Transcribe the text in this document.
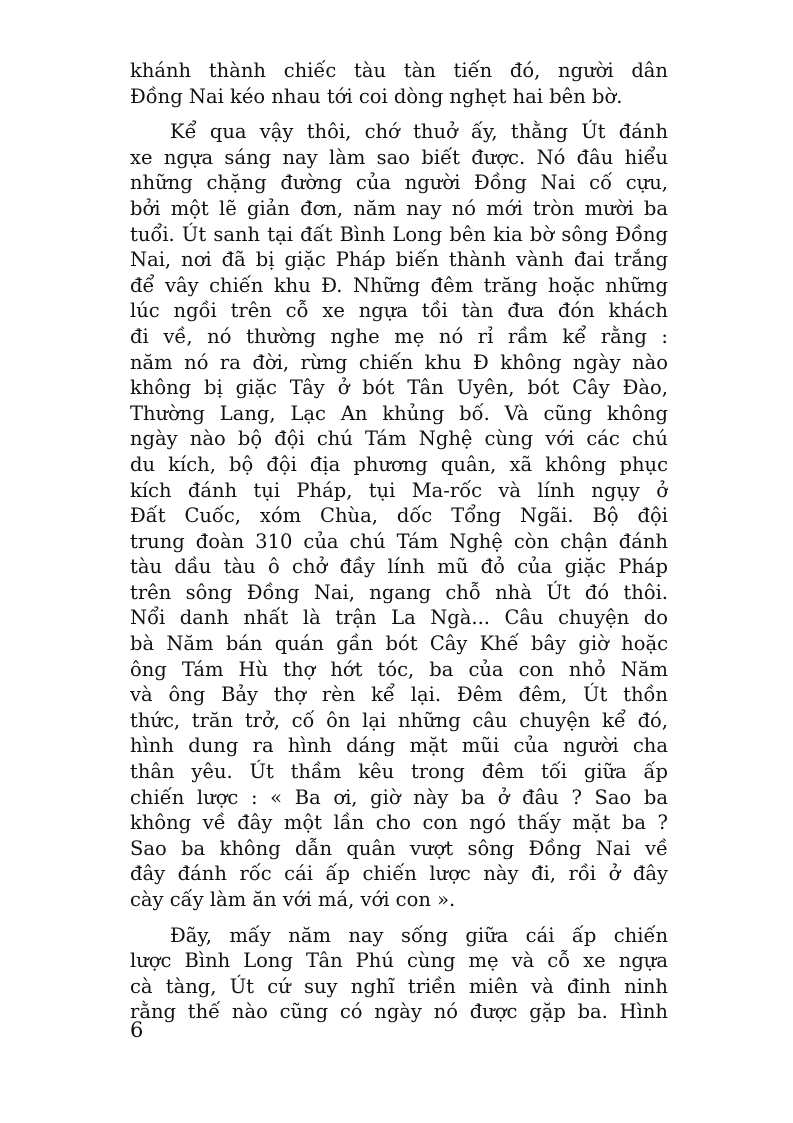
khánh thành chiếc tàu tàn tiến đó, người dân
Đồng Nai kéo nhau tới coi dòng nghẹt hai bên bờ.
Kể qua vậy thôi, chớ thuở ấy, thằng Út đánh
xe ngựa sáng nay làm sao biết được. Nó đâu hiểu
những chặng đường của người Đồng Nai cố cựu,
bởi một lẽ giản đơn, năm nay nó mới tròn mười ba
tuổi. Út sanh tại đất Bình Long bên kia bờ sông Đồng
Nai, nơi đã bị giặc Pháp biến thành vành đai trắng
để vây chiến khu Đ. Những đêm trăng hoặc những
lúc ngồi trên cỗ xe ngựa tồi tàn đưa đón khách
đi về, nó thường nghe mẹ nó rỉ rầm kể rằng :
năm nó ra đời, rừng chiến khu Đ không ngày nào
không bị giặc Tây ở bót Tân Uyên, bót Cây Đào,
Thường Lang, Lạc An khủng bố. Và cũng không
ngày nào bộ đội chú Tám Nghệ cùng với các chú
du kích, bộ đội địa phương quân, xã không phục
kích đánh tụi Pháp, tụi Ma-rốc và lính ngụy ở
Đất Cuốc, xóm Chùa, dốc Tổng Ngãi. Bộ đội
trung đoàn 310 của chú Tám Nghệ còn chận đánh
tàu dầu tàu ô chở đầy lính mũ đỏ của giặc Pháp
trên sông Đồng Nai, ngang chỗ nhà Út đó thôi.
Nổi danh nhất là trận La Ngà... Câu chuyện do
bà Năm bán quán gần bót Cây Khế bây giờ hoặc
ông Tám Hù thợ hớt tóc, ba của con nhỏ Năm
và ông Bảy thợ rèn kể lại. Đêm đêm, Út thồn
thức, trăn trở, cố ôn lại những câu chuyện kể đó,
hình dung ra hình dáng mặt mũi của người cha
thân yêu. Út thầm kêu trong đêm tối giữa ấp
chiến lược : « Ba ơi, giờ này ba ở đâu ? Sao ba
không về đây một lần cho con ngó thấy mặt ba ?
Sao ba không dẫn quân vượt sông Đồng Nai về
đây đánh rốc cái ấp chiến lược này đi, rồi ở đây
cày cấy làm ăn với má, với con ».
Đãy, mấy năm nay sống giữa cái ấp chiến
lược Bình Long Tân Phú cùng mẹ và cỗ xe ngựa
cà tàng, Út cứ suy nghĩ triền miên và đinh ninh
rằng thế nào cũng có ngày nó được gặp ba. Hình
6
